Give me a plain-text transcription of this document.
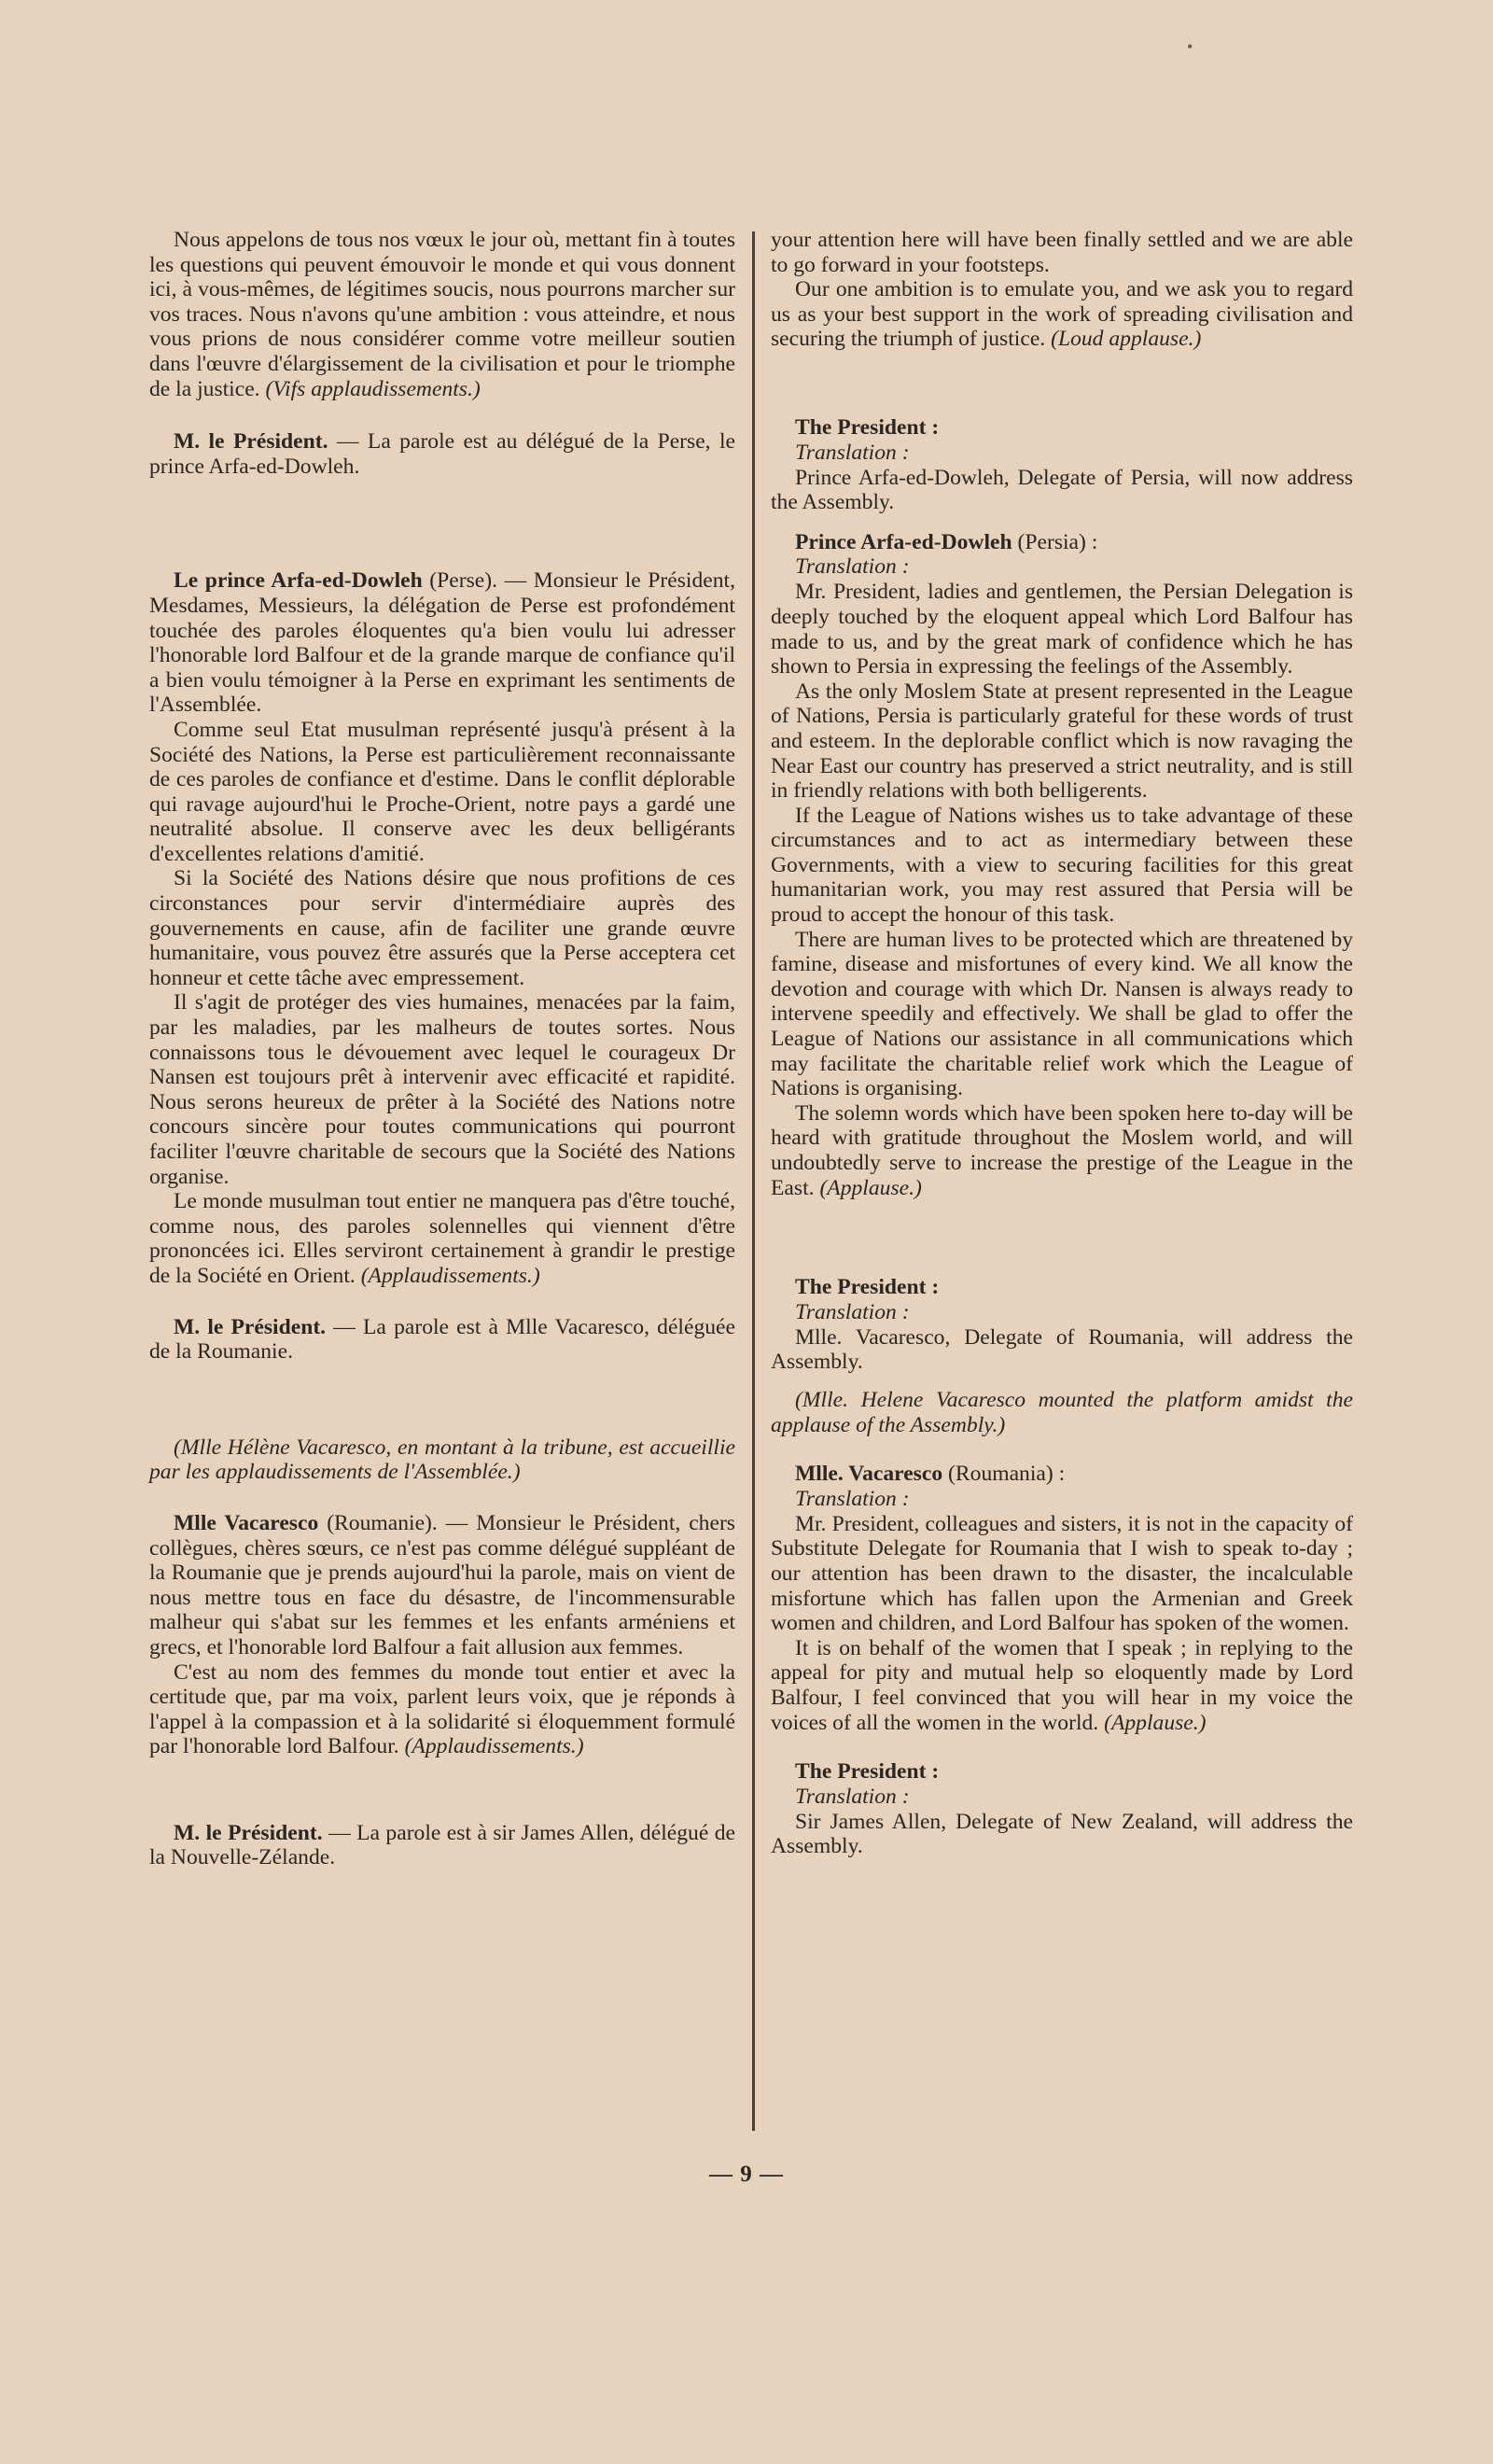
•

Nous appelons de tous nos vœux le jour où, mettant fin à toutes les questions qui peuvent émouvoir le monde et qui vous donnent ici, à vous-mêmes, de légitimes soucis, nous pourrons marcher sur vos traces. Nous n'avons qu'une ambition : vous atteindre, et nous vous prions de nous considérer comme votre meilleur soutien dans l'œuvre d'élargissement de la civilisation et pour le triomphe de la justice. (Vifs applaudissements.)

M. le Président. — La parole est au délégué de la Perse, le prince Arfa-ed-Dowleh.

Le prince Arfa-ed-Dowleh (Perse). — Monsieur le Président, Mesdames, Messieurs, la délégation de Perse est profondément touchée des paroles éloquentes qu'a bien voulu lui adresser l'honorable lord Balfour et de la grande marque de confiance qu'il a bien voulu témoigner à la Perse en exprimant les sentiments de l'Assemblée.

Comme seul Etat musulman représenté jusqu'à présent à la Société des Nations, la Perse est particulièrement reconnaissante de ces paroles de confiance et d'estime. Dans le conflit déplorable qui ravage aujourd'hui le Proche-Orient, notre pays a gardé une neutralité absolue. Il conserve avec les deux belligérants d'excellentes relations d'amitié.

Si la Société des Nations désire que nous profitions de ces circonstances pour servir d'intermédiaire auprès des gouvernements en cause, afin de faciliter une grande œuvre humanitaire, vous pouvez être assurés que la Perse acceptera cet honneur et cette tâche avec empressement.

Il s'agit de protéger des vies humaines, menacées par la faim, par les maladies, par les malheurs de toutes sortes. Nous connaissons tous le dévouement avec lequel le courageux Dr Nansen est toujours prêt à intervenir avec efficacité et rapidité. Nous serons heureux de prêter à la Société des Nations notre concours sincère pour toutes communications qui pourront faciliter l'œuvre charitable de secours que la Société des Nations organise.

Le monde musulman tout entier ne manquera pas d'être touché, comme nous, des paroles solennelles qui viennent d'être prononcées ici. Elles serviront certainement à grandir le prestige de la Société en Orient. (Applaudissements.)

M. le Président. — La parole est à Mlle Vacaresco, déléguée de la Roumanie.

(Mlle Hélène Vacaresco, en montant à la tribune, est accueillie par les applaudissements de l'Assemblée.)

Mlle Vacaresco (Roumanie). — Monsieur le Président, chers collègues, chères sœurs, ce n'est pas comme délégué suppléant de la Roumanie que je prends aujourd'hui la parole, mais on vient de nous mettre tous en face du désastre, de l'incommensurable malheur qui s'abat sur les femmes et les enfants arméniens et grecs, et l'honorable lord Balfour a fait allusion aux femmes.

C'est au nom des femmes du monde tout entier et avec la certitude que, par ma voix, parlent leurs voix, que je réponds à l'appel à la compassion et à la solidarité si éloquemment formulé par l'honorable lord Balfour. (Applaudissements.)

M. le Président. — La parole est à sir James Allen, délégué de la Nouvelle-Zélande.

your attention here will have been finally settled and we are able to go forward in your footsteps.

Our one ambition is to emulate you, and we ask you to regard us as your best support in the work of spreading civilisation and securing the triumph of justice. (Loud applause.)

The President :

Translation :

Prince Arfa-ed-Dowleh, Delegate of Persia, will now address the Assembly.

Prince Arfa-ed-Dowleh (Persia) :

Translation :

Mr. President, ladies and gentlemen, the Persian Delegation is deeply touched by the eloquent appeal which Lord Balfour has made to us, and by the great mark of confidence which he has shown to Persia in expressing the feelings of the Assembly.

As the only Moslem State at present represented in the League of Nations, Persia is particularly grateful for these words of trust and esteem. In the deplorable conflict which is now ravaging the Near East our country has preserved a strict neutrality, and is still in friendly relations with both belligerents.

If the League of Nations wishes us to take advantage of these circumstances and to act as intermediary between these Governments, with a view to securing facilities for this great humanitarian work, you may rest assured that Persia will be proud to accept the honour of this task.

There are human lives to be protected which are threatened by famine, disease and misfortunes of every kind. We all know the devotion and courage with which Dr. Nansen is always ready to intervene speedily and effectively. We shall be glad to offer the League of Nations our assistance in all communications which may facilitate the charitable relief work which the League of Nations is organising.

The solemn words which have been spoken here to-day will be heard with gratitude throughout the Moslem world, and will undoubtedly serve to increase the prestige of the League in the East. (Applause.)

The President :

Translation :

Mlle. Vacaresco, Delegate of Roumania, will address the Assembly.

(Mlle. Helene Vacaresco mounted the platform amidst the applause of the Assembly.)

Mlle. Vacaresco (Roumania) :

Translation :

Mr. President, colleagues and sisters, it is not in the capacity of Substitute Delegate for Roumania that I wish to speak to-day ; our attention has been drawn to the disaster, the incalculable misfortune which has fallen upon the Armenian and Greek women and children, and Lord Balfour has spoken of the women.

It is on behalf of the women that I speak ; in replying to the appeal for pity and mutual help so eloquently made by Lord Balfour, I feel convinced that you will hear in my voice the voices of all the women in the world. (Applause.)

The President :

Translation :

Sir James Allen, Delegate of New Zealand, will address the Assembly.

— 9 —
